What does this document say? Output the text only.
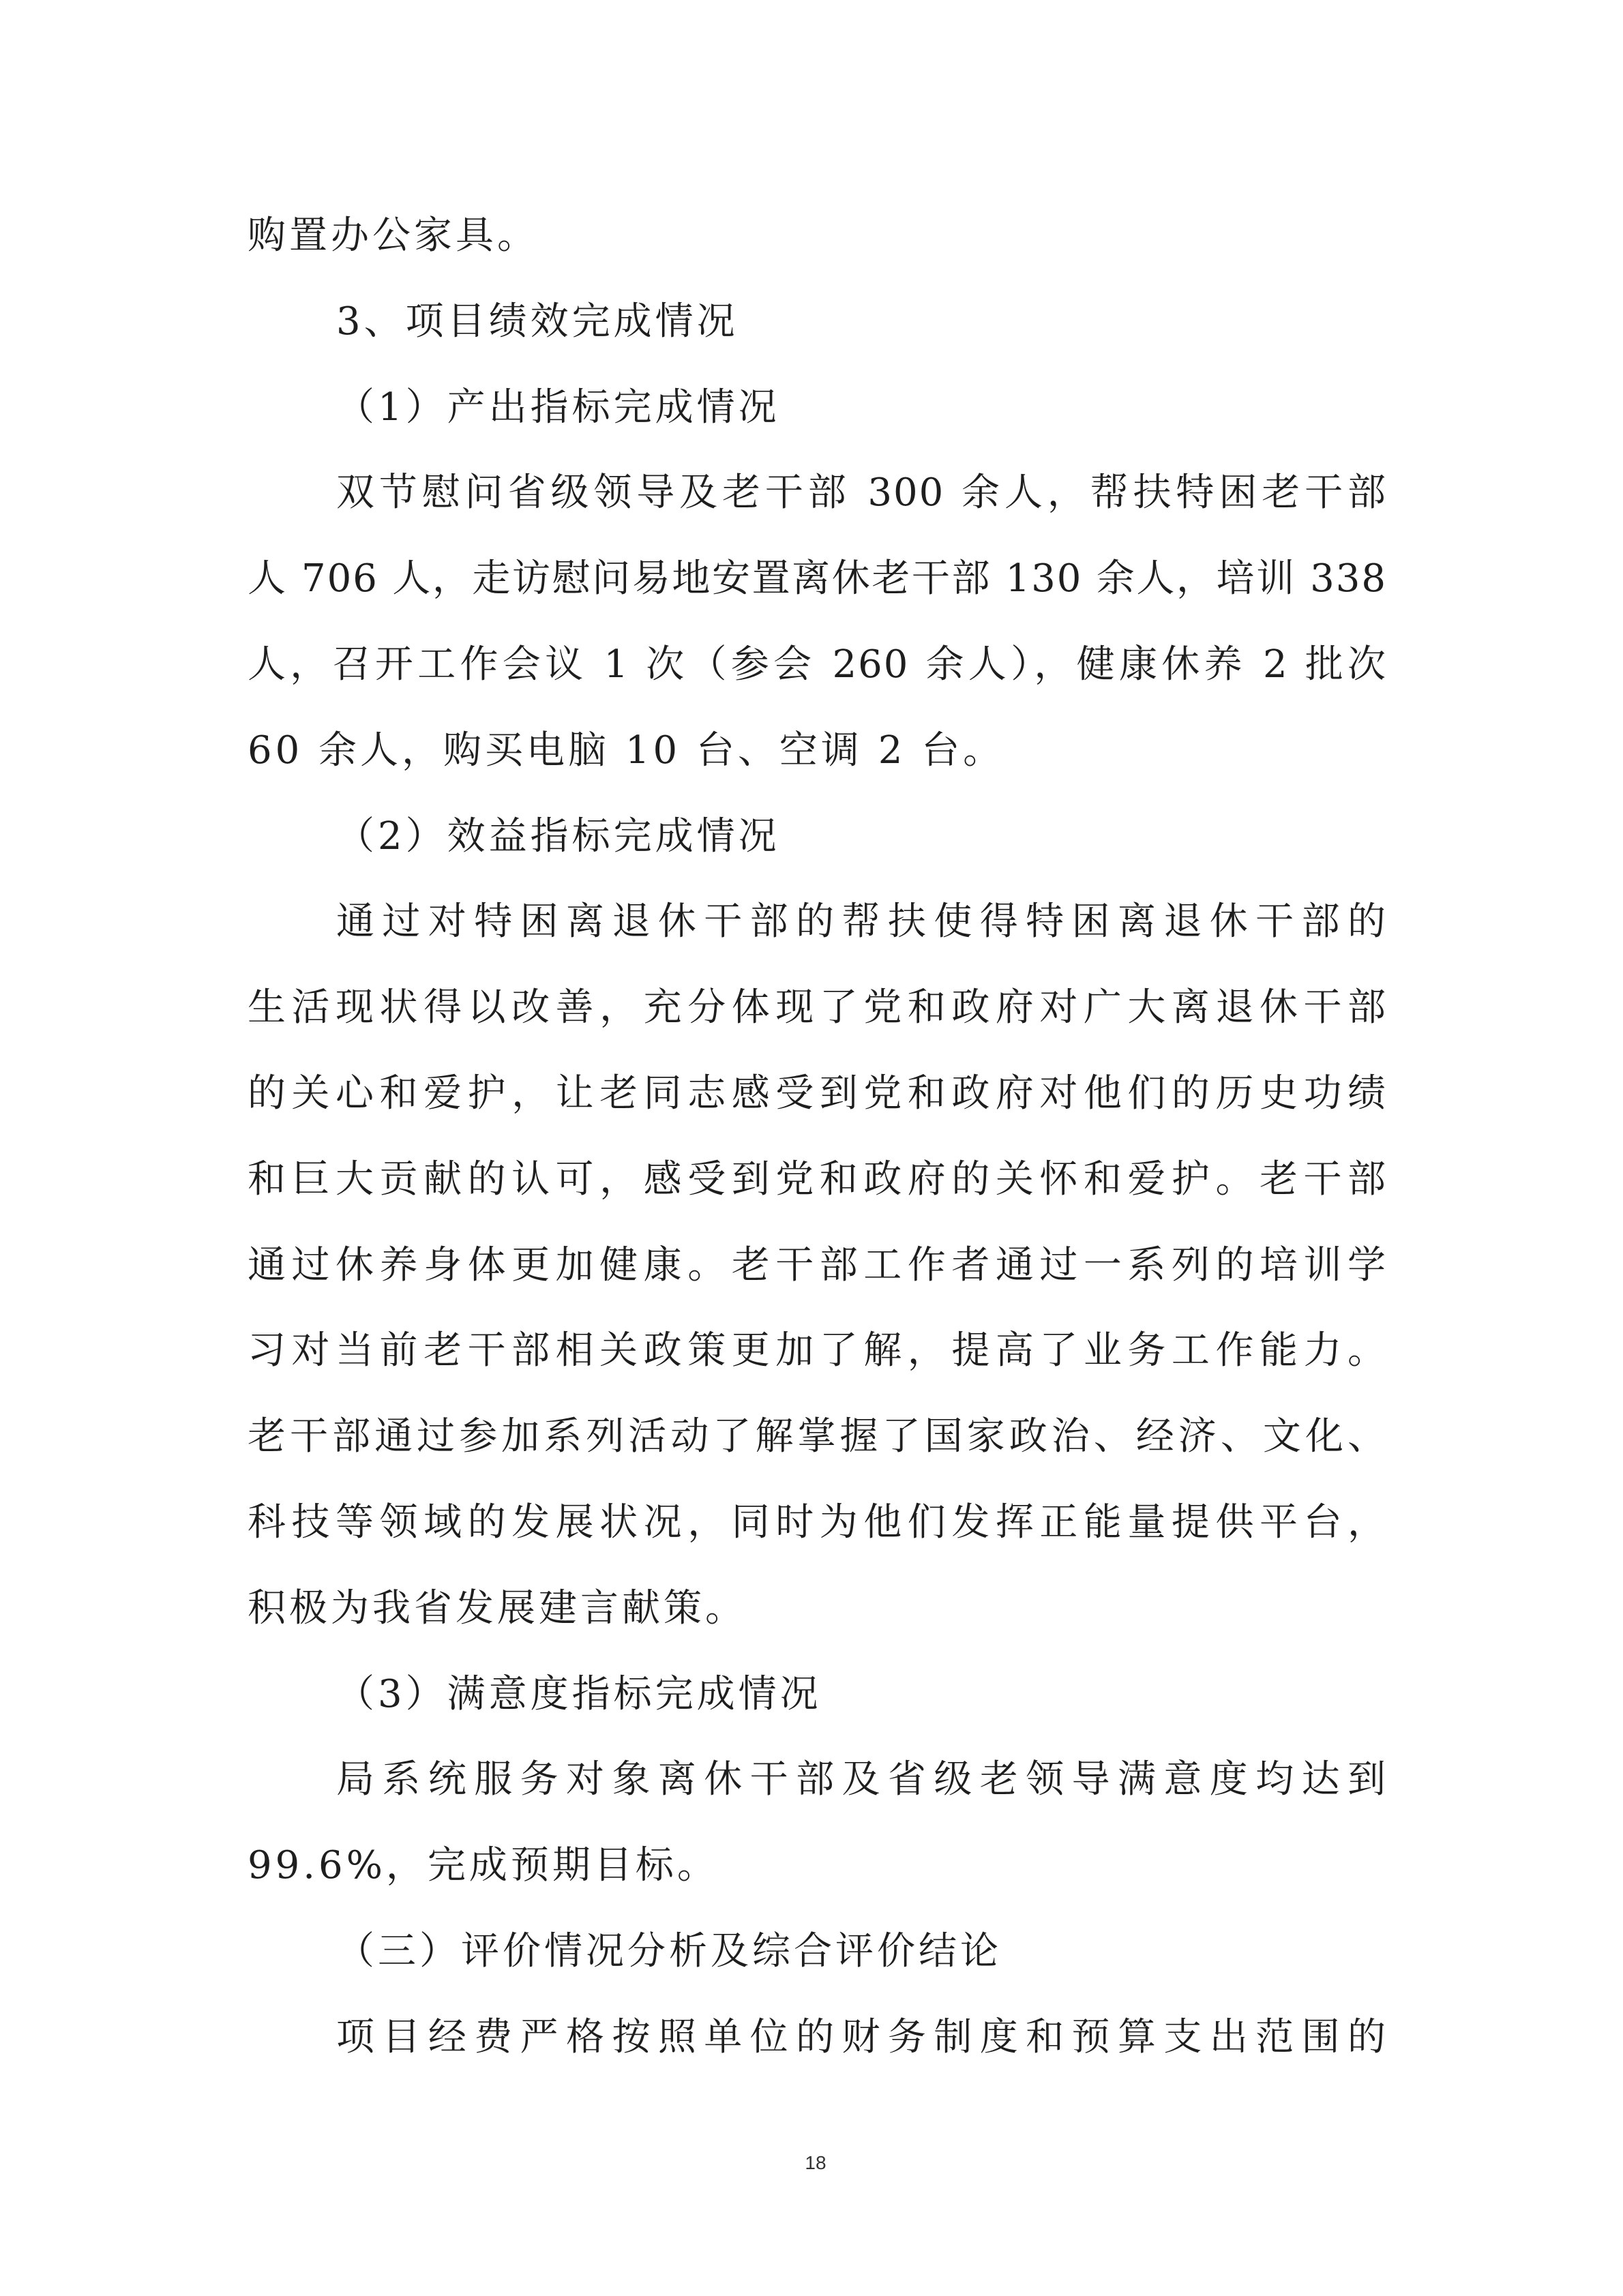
购置办公家具。
3、项目绩效完成情况
（1）产出指标完成情况
双节慰问省级领导及老干部 300 余人，帮扶特困老干部
人 706 人，走访慰问易地安置离休老干部 130 余人，培训 338
人，召开工作会议 1 次（参会 260 余人），健康休养 2 批次
60 余人，购买电脑 10 台、空调 2 台。
（2）效益指标完成情况
通过对特困离退休干部的帮扶使得特困离退休干部的
生活现状得以改善，充分体现了党和政府对广大离退休干部
的关心和爱护，让老同志感受到党和政府对他们的历史功绩
和巨大贡献的认可，感受到党和政府的关怀和爱护。老干部
通过休养身体更加健康。老干部工作者通过一系列的培训学
习对当前老干部相关政策更加了解，提高了业务工作能力。
老干部通过参加系列活动了解掌握了国家政治、经济、文化、
科技等领域的发展状况，同时为他们发挥正能量提供平台，
积极为我省发展建言献策。
（3）满意度指标完成情况
局系统服务对象离休干部及省级老领导满意度均达到
99.6%，完成预期目标。
（三）评价情况分析及综合评价结论
项目经费严格按照单位的财务制度和预算支出范围的
18
